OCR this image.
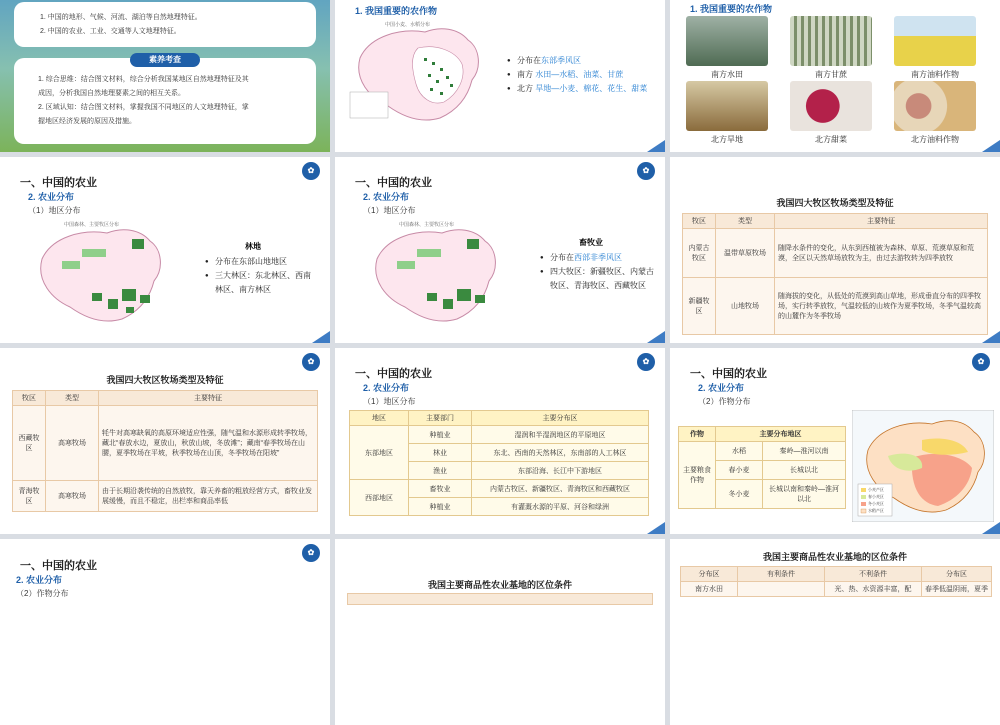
1. 中国的地形、气候、河流、湖泊等自然地理特征。
2. 中国的农业、工业、交通等人文地理特征。
1. 综合思维：结合图文材料，综合分析我国某地区自然地理特征及其
成因，分析我国自然地理要素之间的相互关系。
2. 区域认知：结合图文材料，掌握我国不同地区的人文地理特征，掌
握地区经济发展的原因及措施。
素养考查
1. 我国重要的农作物
中国小麦、水稻分布
● 分布在东部季风区
● 南方 水田—水稻、油菜、甘蔗
● 北方 旱地—小麦、棉花、花生、甜菜
1. 我国重要的农作物
南方水田	南方甘蔗	南方油料作物
北方旱地	北方甜菜	北方油料作物
✿
一、中国的农业
2. 农业分布
（1）地区分布
中国森林、主要牧区分布
林地
● 分布在东部山地地区
● 三大林区：东北林区、西南
林区、南方林区
✿
一、中国的农业
2. 农业分布
（1）地区分布
中国森林、主要牧区分布
畜牧业
● 分布在西部非季风区
● 四大牧区：新疆牧区、内蒙古
牧区、青海牧区、西藏牧区
我国四大牧区牧场类型及特征
牧区	类型	主要特征
内蒙古牧区	温带草原牧场	随降水条件的变化，从东到西植被为森林、草原、荒漠草原和荒漠，全区以天然草场放牧为主，由过去游牧转为四季放牧
新疆牧区	山地牧场	随海拔的变化，从低处的荒漠到高山草地，形成垂直分布的四季牧场，实行转季放牧，气温较低的山坡作为夏季牧场，冬季气温较高的山麓作为冬季牧场
✿
我国四大牧区牧场类型及特征
牧区	类型	主要特征
西藏牧区	高寒牧场	牦牛对高寒缺氧的高原环境适应性强，随气温和水源形成转季牧场，藏北“春放水边，夏放山，秋放山坡，冬放滩”；藏南“春季牧场在山腰，夏季牧场在平坡，秋季牧场在山顶，冬季牧场在阳坡”
青海牧区	高寒牧场	由于长期沿袭传统的自然放牧，靠天养畜的粗放经营方式，畜牧业发展缓慢，而且不稳定，出栏率和商品率低
✿
一、中国的农业
2. 农业分布
（1）地区分布
地区	主要部门	主要分布区
东部地区	种植业	湿润和半湿润地区的平原地区
	林业	东北、西南的天然林区，东南部的人工林区
	渔业	东部沿海、长江中下游地区
西部地区	畜牧业	内蒙古牧区、新疆牧区、青海牧区和西藏牧区
	种植业	有灌溉水源的平原、河谷和绿洲
✿
一、中国的农业
2. 农业分布
（2）作物分布
作物	主要分布地区	
主要粮食作物	水稻	秦岭—淮河以南
	春小麦	长城以北
	冬小麦	长城以南和秦岭—淮河以北
小麦产区
春小麦区
冬小麦区
水稻产区
✿
一、中国的农业
2. 农业分布
（2）作物分布
我国主要商品性农业基地的区位条件
我国主要商品性农业基地的区位条件
分布区	有利条件	不利条件	分布区
南方水田		光、热、水资源丰富，配	春季低温阴雨，夏季
